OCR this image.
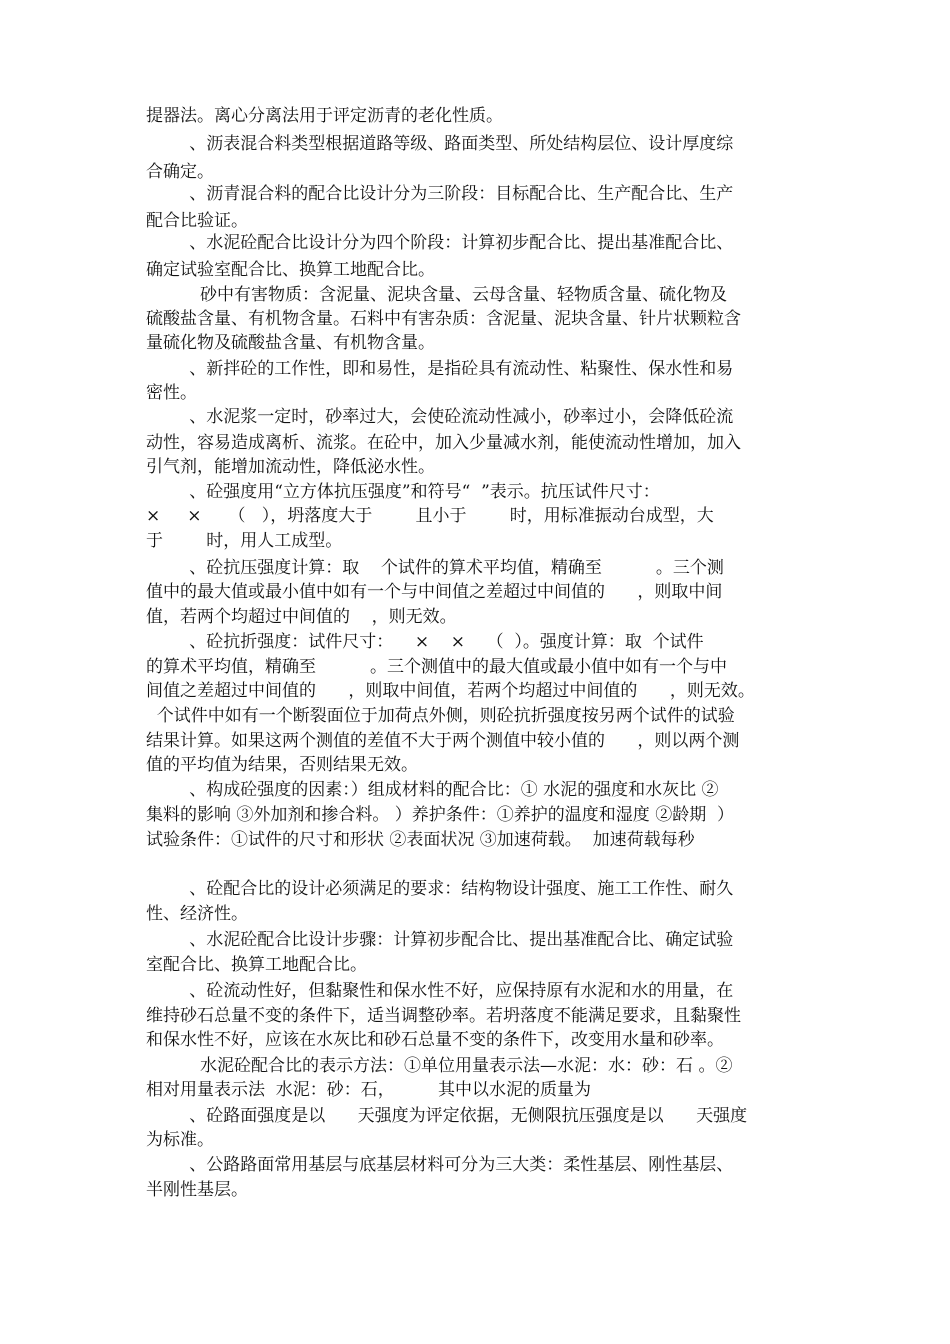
提器法。离心分离法用于评定沥青的老化性质。
、沥表混合料类型根据道路等级、路面类型、所处结构层位、设计厚度综
合确定。
、沥青混合料的配合比设计分为三阶段：目标配合比、生产配合比、生产
配合比验证。
、水泥砼配合比设计分为四个阶段：计算初步配合比、提出基准配合比、
确定试验室配合比、换算工地配合比。
砂中有害物质：含泥量、泥块含量、云母含量、轻物质含量、硫化物及
硫酸盐含量、有机物含量。石料中有害杂质：含泥量、泥块含量、针片状颗粒含
量硫化物及硫酸盐含量、有机物含量。
、新拌砼的工作性，即和易性，是指砼具有流动性、粘聚性、保水性和易
密性。
、水泥浆一定时，砂率过大，会使砼流动性减小，砂率过小，会降低砼流
动性，容易造成离析、流浆。在砼中，加入少量减水剂，能使流动性增加，加入
引气剂，能增加流动性，降低泌水性。
、砼强度用“立方体抗压强度”和符号“  ”表示。抗压试件尺寸：
×     ×     （   ），坍落度大于        且小于        时，用标准振动台成型，大
于        时，用人工成型。
、砼抗压强度计算：取    个试件的算术平均值，精确至          。三个测
值中的最大值或最小值中如有一个与中间值之差超过中间值的      ，则取中间
值，若两个均超过中间值的    ，则无效。
、砼抗折强度：试件尺寸：    ×    ×    （  ）。强度计算：取  个试件
的算术平均值，精确至          。三个测值中的最大值或最小值中如有一个与中
间值之差超过中间值的      ，则取中间值，若两个均超过中间值的      ，则无效。
个试件中如有一个断裂面位于加荷点外侧，则砼抗折强度按另两个试件的试验
结果计算。如果这两个测值的差值不大于两个测值中较小值的      ，则以两个测
值的平均值为结果，否则结果无效。
、构成砼强度的因素：）组成材料的配合比：① 水泥的强度和水灰比 ②
集料的影响 ③外加剂和掺合料。 ）养护条件：①养护的温度和湿度 ②龄期  ）
试验条件：①试件的尺寸和形状 ②表面状况 ③加速荷载。  加速荷载每秒
、砼配合比的设计必须满足的要求：结构物设计强度、施工工作性、耐久
性、经济性。
、水泥砼配合比设计步骤：计算初步配合比、提出基准配合比、确定试验
室配合比、换算工地配合比。
、砼流动性好，但黏聚性和保水性不好，应保持原有水泥和水的用量，在
维持砂石总量不变的条件下，适当调整砂率。若坍落度不能满足要求，且黏聚性
和保水性不好，应该在水灰比和砂石总量不变的条件下，改变用水量和砂率。
水泥砼配合比的表示方法：①单位用量表示法—水泥：水：砂：石 。②
相对用量表示法  水泥：砂：石，        其中以水泥的质量为
、砼路面强度是以      天强度为评定依据，无侧限抗压强度是以      天强度
为标准。
、公路路面常用基层与底基层材料可分为三大类：柔性基层、刚性基层、
半刚性基层。
